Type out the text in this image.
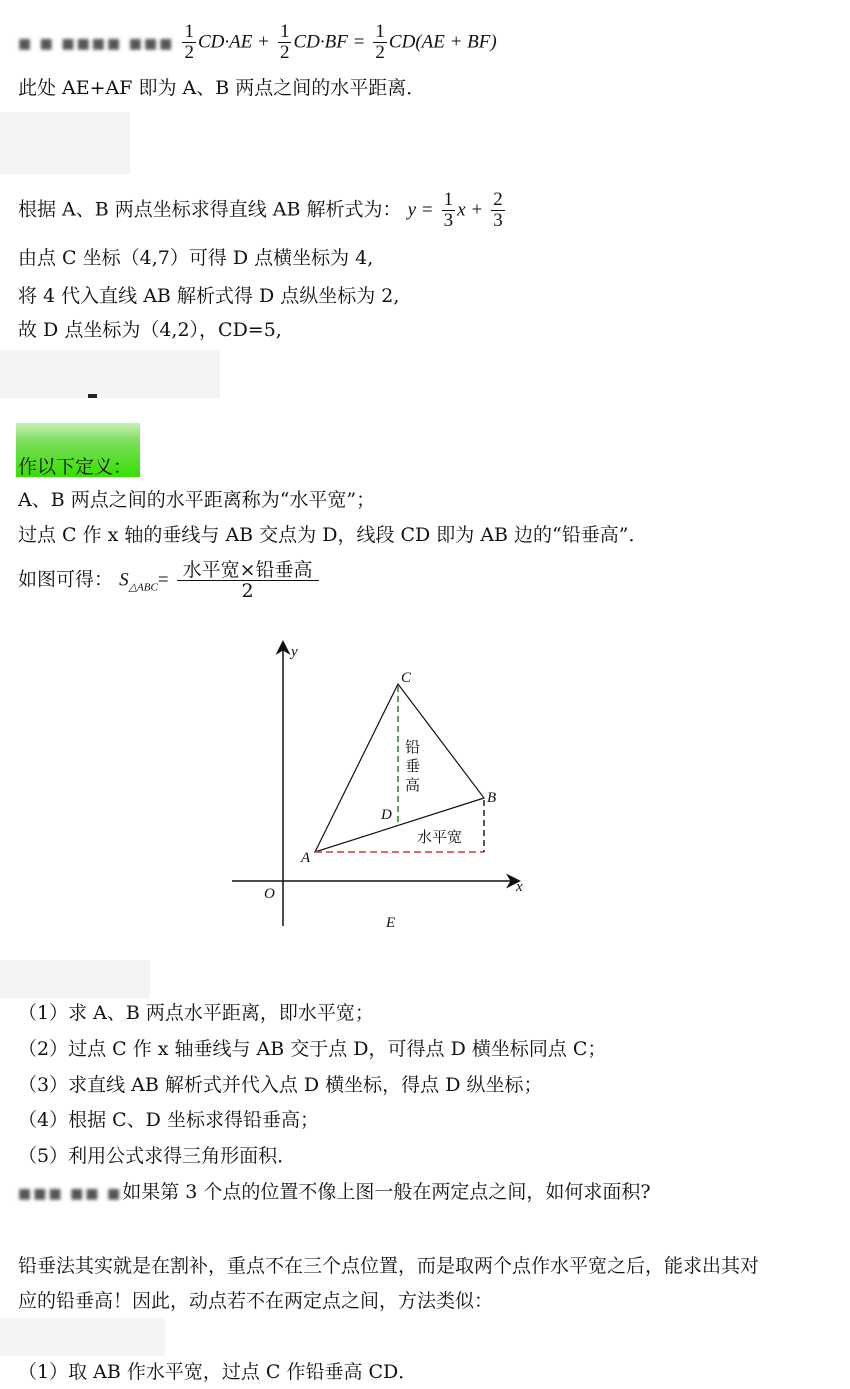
■ ■ ■■■■ ■■■ $\frac{1}{2} CD\cdot AE + \frac{1}{2} CD\cdot BF = \frac{1}{2} CD(AE + BF)$
此处 AE+AF 即为 A、B 两点之间的水平距离．
根据 A、B 两点坐标求得直线 AB 解析式为： $y = \frac{1}{3}$ $x + \frac{2}{3}$
由点 C 坐标（4,7）可得 D 点横坐标为 4,
将 4 代入直线 AB 解析式得 D 点纵坐标为 2,
故 D 点坐标为（4,2），CD=5,
作以下定义：
A、B 两点之间的水平距离称为“水平宽”；
过点 C 作 x 轴的垂线与 AB 交点为 D，线段 CD 即为 AB 边的“铅垂高”．
如图可得： $S_{\triangle ABC}= \frac{\text{水平宽×铅垂高}}{2}$
y
x
O
A
B
C
D
E
铅
垂
高
水平宽
（1）求 A、B 两点水平距离，即水平宽；
（2）过点 C 作 x 轴垂线与 AB 交于点 D，可得点 D 横坐标同点 C；
（3）求直线 AB 解析式并代入点 D 横坐标，得点 D 纵坐标；
（4）根据 C、D 坐标求得铅垂高；
（5）利用公式求得三角形面积．
■■■ ■■ ■如果第 3 个点的位置不像上图一般在两定点之间，如何求面积?
铅垂法其实就是在割补，重点不在三个点位置，而是取两个点作水平宽之后，能求出其对
应的铅垂高！因此，动点若不在两定点之间，方法类似：
（1）取 AB 作水平宽，过点 C 作铅垂高 CD．
